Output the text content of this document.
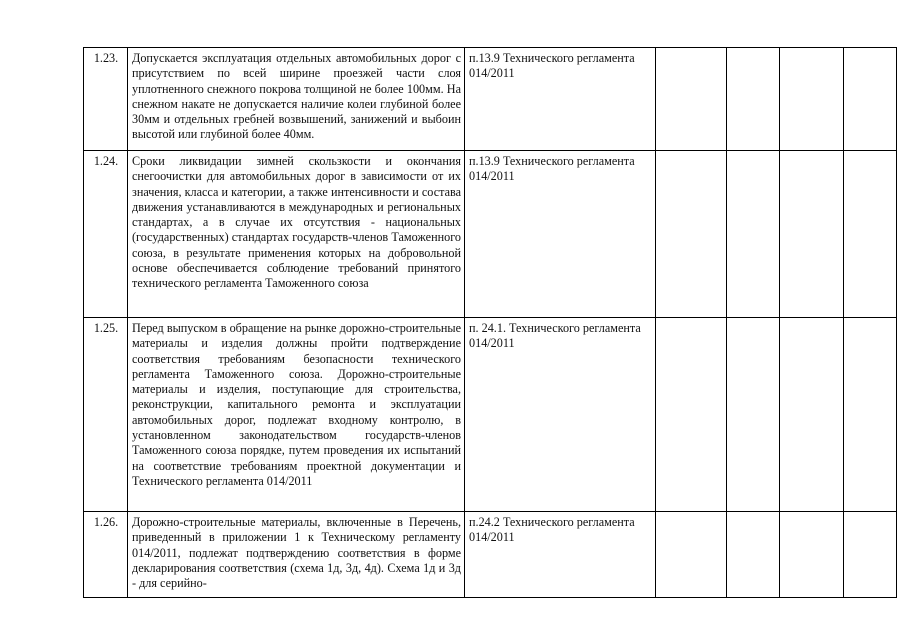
1.23.	Допускается эксплуатация отдельных автомобильных дорог с присутствием по всей ширине проезжей части слоя уплотненного снежного покрова толщиной не более 100мм. На снежном накате не допускается наличие колеи глубиной более 30мм и отдельных гребней возвышений, занижений и выбоин высотой или глубиной более 40мм.	п.13.9 Технического регламента 014/2011				
1.24.	Сроки ликвидации зимней скользкости и окончания снегоочистки для автомобильных дорог в зависимости от их значения, класса и категории, а также интенсивности и состава движения устанавливаются в международных и региональных стандартах, а в случае их отсутствия - национальных (государственных) стандартах государств-членов Таможенного союза, в результате применения которых на добровольной основе обеспечивается соблюдение требований принятого технического регламента Таможенного союза	п.13.9 Технического регламента 014/2011				
1.25.	Перед выпуском в обращение на рынке дорожно-строительные материалы и изделия должны пройти подтверждение соответствия требованиям безопасности технического регламента Таможенного союза. Дорожно-строительные материалы и изделия, поступающие для строительства, реконструкции, капитального ремонта и эксплуатации автомобильных дорог, подлежат входному контролю, в установленном законодательством государств-членов Таможенного союза порядке, путем проведения их испытаний на соответствие требованиям проектной документации и Технического регламента 014/2011	п. 24.1. Технического регламента 014/2011				
1.26.	Дорожно-строительные материалы, включенные в Перечень, приведенный в приложении 1 к Техническому регламенту 014/2011, подлежат подтверждению соответствия в форме декларирования соответствия (схема 1д, 3д, 4д). Схема 1д и 3д - для серийно-	п.24.2 Технического регламента 014/2011				
